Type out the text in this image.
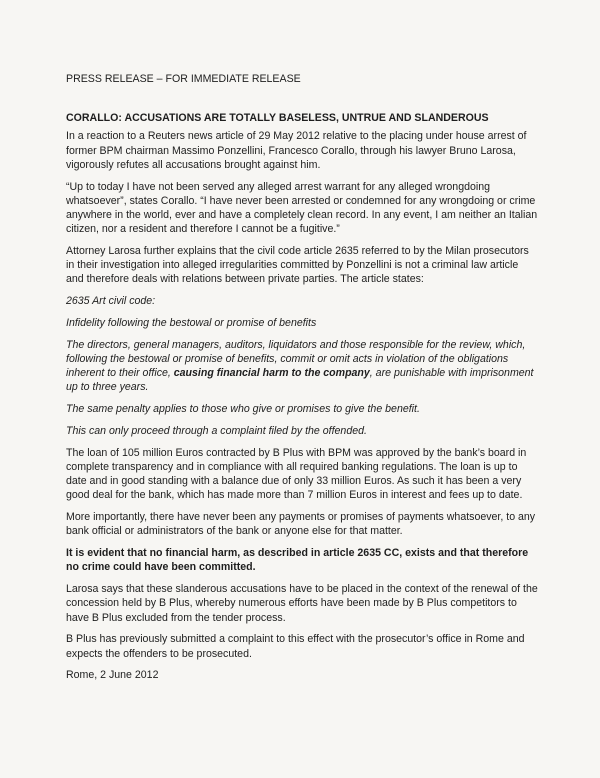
PRESS RELEASE – FOR IMMEDIATE RELEASE

CORALLO: ACCUSATIONS ARE TOTALLY BASELESS, UNTRUE AND SLANDEROUS

In a reaction to a Reuters news article of 29 May 2012 relative to the placing under house arrest of former BPM chairman Massimo Ponzellini, Francesco Corallo, through his lawyer Bruno Larosa, vigorously refutes all accusations brought against him.

“Up to today I have not been served any alleged arrest warrant for any alleged wrongdoing whatsoever”, states Corallo. “I have never been arrested or condemned for any wrongdoing or crime anywhere in the world, ever and have a completely clean record. In any event, I am neither an Italian citizen, nor a resident and therefore I cannot be a fugitive.”

Attorney Larosa further explains that the civil code article 2635 referred to by the Milan prosecutors in their investigation into alleged irregularities committed by Ponzellini is not a criminal law article and therefore deals with relations between private parties. The article states:

2635 Art civil code:

Infidelity following the bestowal or promise of benefits

The directors, general managers, auditors, liquidators and those responsible for the review, which, following the bestowal or promise of benefits, commit or omit acts in violation of the obligations inherent to their office, causing financial harm to the company, are punishable with imprisonment up to three years.

The same penalty applies to those who give or promises to give the benefit.

This can only proceed through a complaint filed by the offended.

The loan of 105 million Euros contracted by B Plus with BPM was approved by the bank’s board in complete transparency and in compliance with all required banking regulations. The loan is up to date and in good standing with a balance due of only 33 million Euros. As such it has been a very good deal for the bank, which has made more than 7 million Euros in interest and fees up to date.

More importantly, there have never been any payments or promises of payments whatsoever, to any bank official or administrators of the bank or anyone else for that matter.

It is evident that no financial harm, as described in article 2635 CC, exists and that therefore no crime could have been committed.

Larosa says that these slanderous accusations have to be placed in the context of the renewal of the concession held by B Plus, whereby numerous efforts have been made by B Plus competitors to have B Plus excluded from the tender process.

B Plus has previously submitted a complaint to this effect with the prosecutor’s office in Rome and expects the offenders to be prosecuted.

Rome, 2 June 2012
